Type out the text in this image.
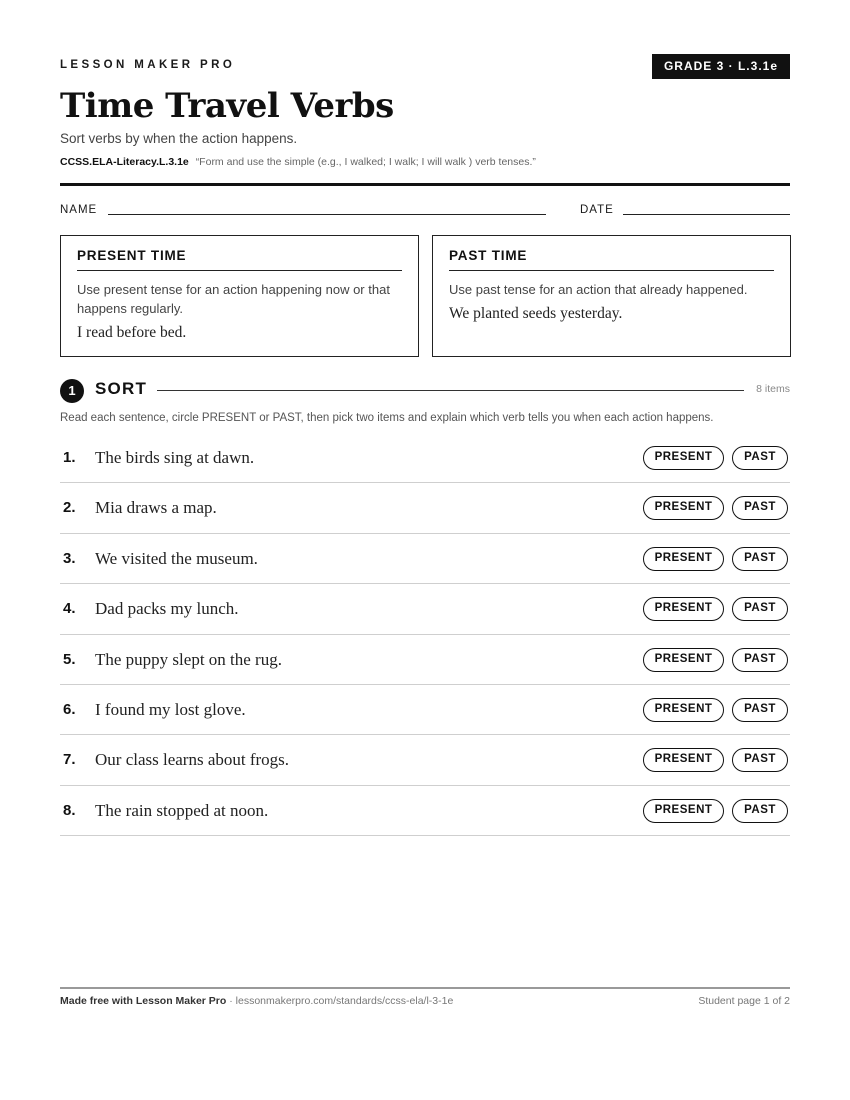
LESSON MAKER PRO	GRADE 3 · L.3.1e
Time Travel Verbs
Sort verbs by when the action happens.
CCSS.ELA-Literacy.L.3.1e “Form and use the simple (e.g., I walked; I walk; I will walk ) verb tenses.”
NAME	DATE
PRESENT TIME
Use present tense for an action happening now or that happens regularly.
I read before bed.
PAST TIME
Use past tense for an action that already happened.
We planted seeds yesterday.
1	SORT	8 items
Read each sentence, circle PRESENT or PAST, then pick two items and explain which verb tells you when each action happens.
1. The birds sing at dawn.	PRESENT	PAST
2. Mia draws a map.	PRESENT	PAST
3. We visited the museum.	PRESENT	PAST
4. Dad packs my lunch.	PRESENT	PAST
5. The puppy slept on the rug.	PRESENT	PAST
6. I found my lost glove.	PRESENT	PAST
7. Our class learns about frogs.	PRESENT	PAST
8. The rain stopped at noon.	PRESENT	PAST
Made free with Lesson Maker Pro · lessonmakerpro.com/standards/ccss-ela/l-3-1e	Student page 1 of 2
